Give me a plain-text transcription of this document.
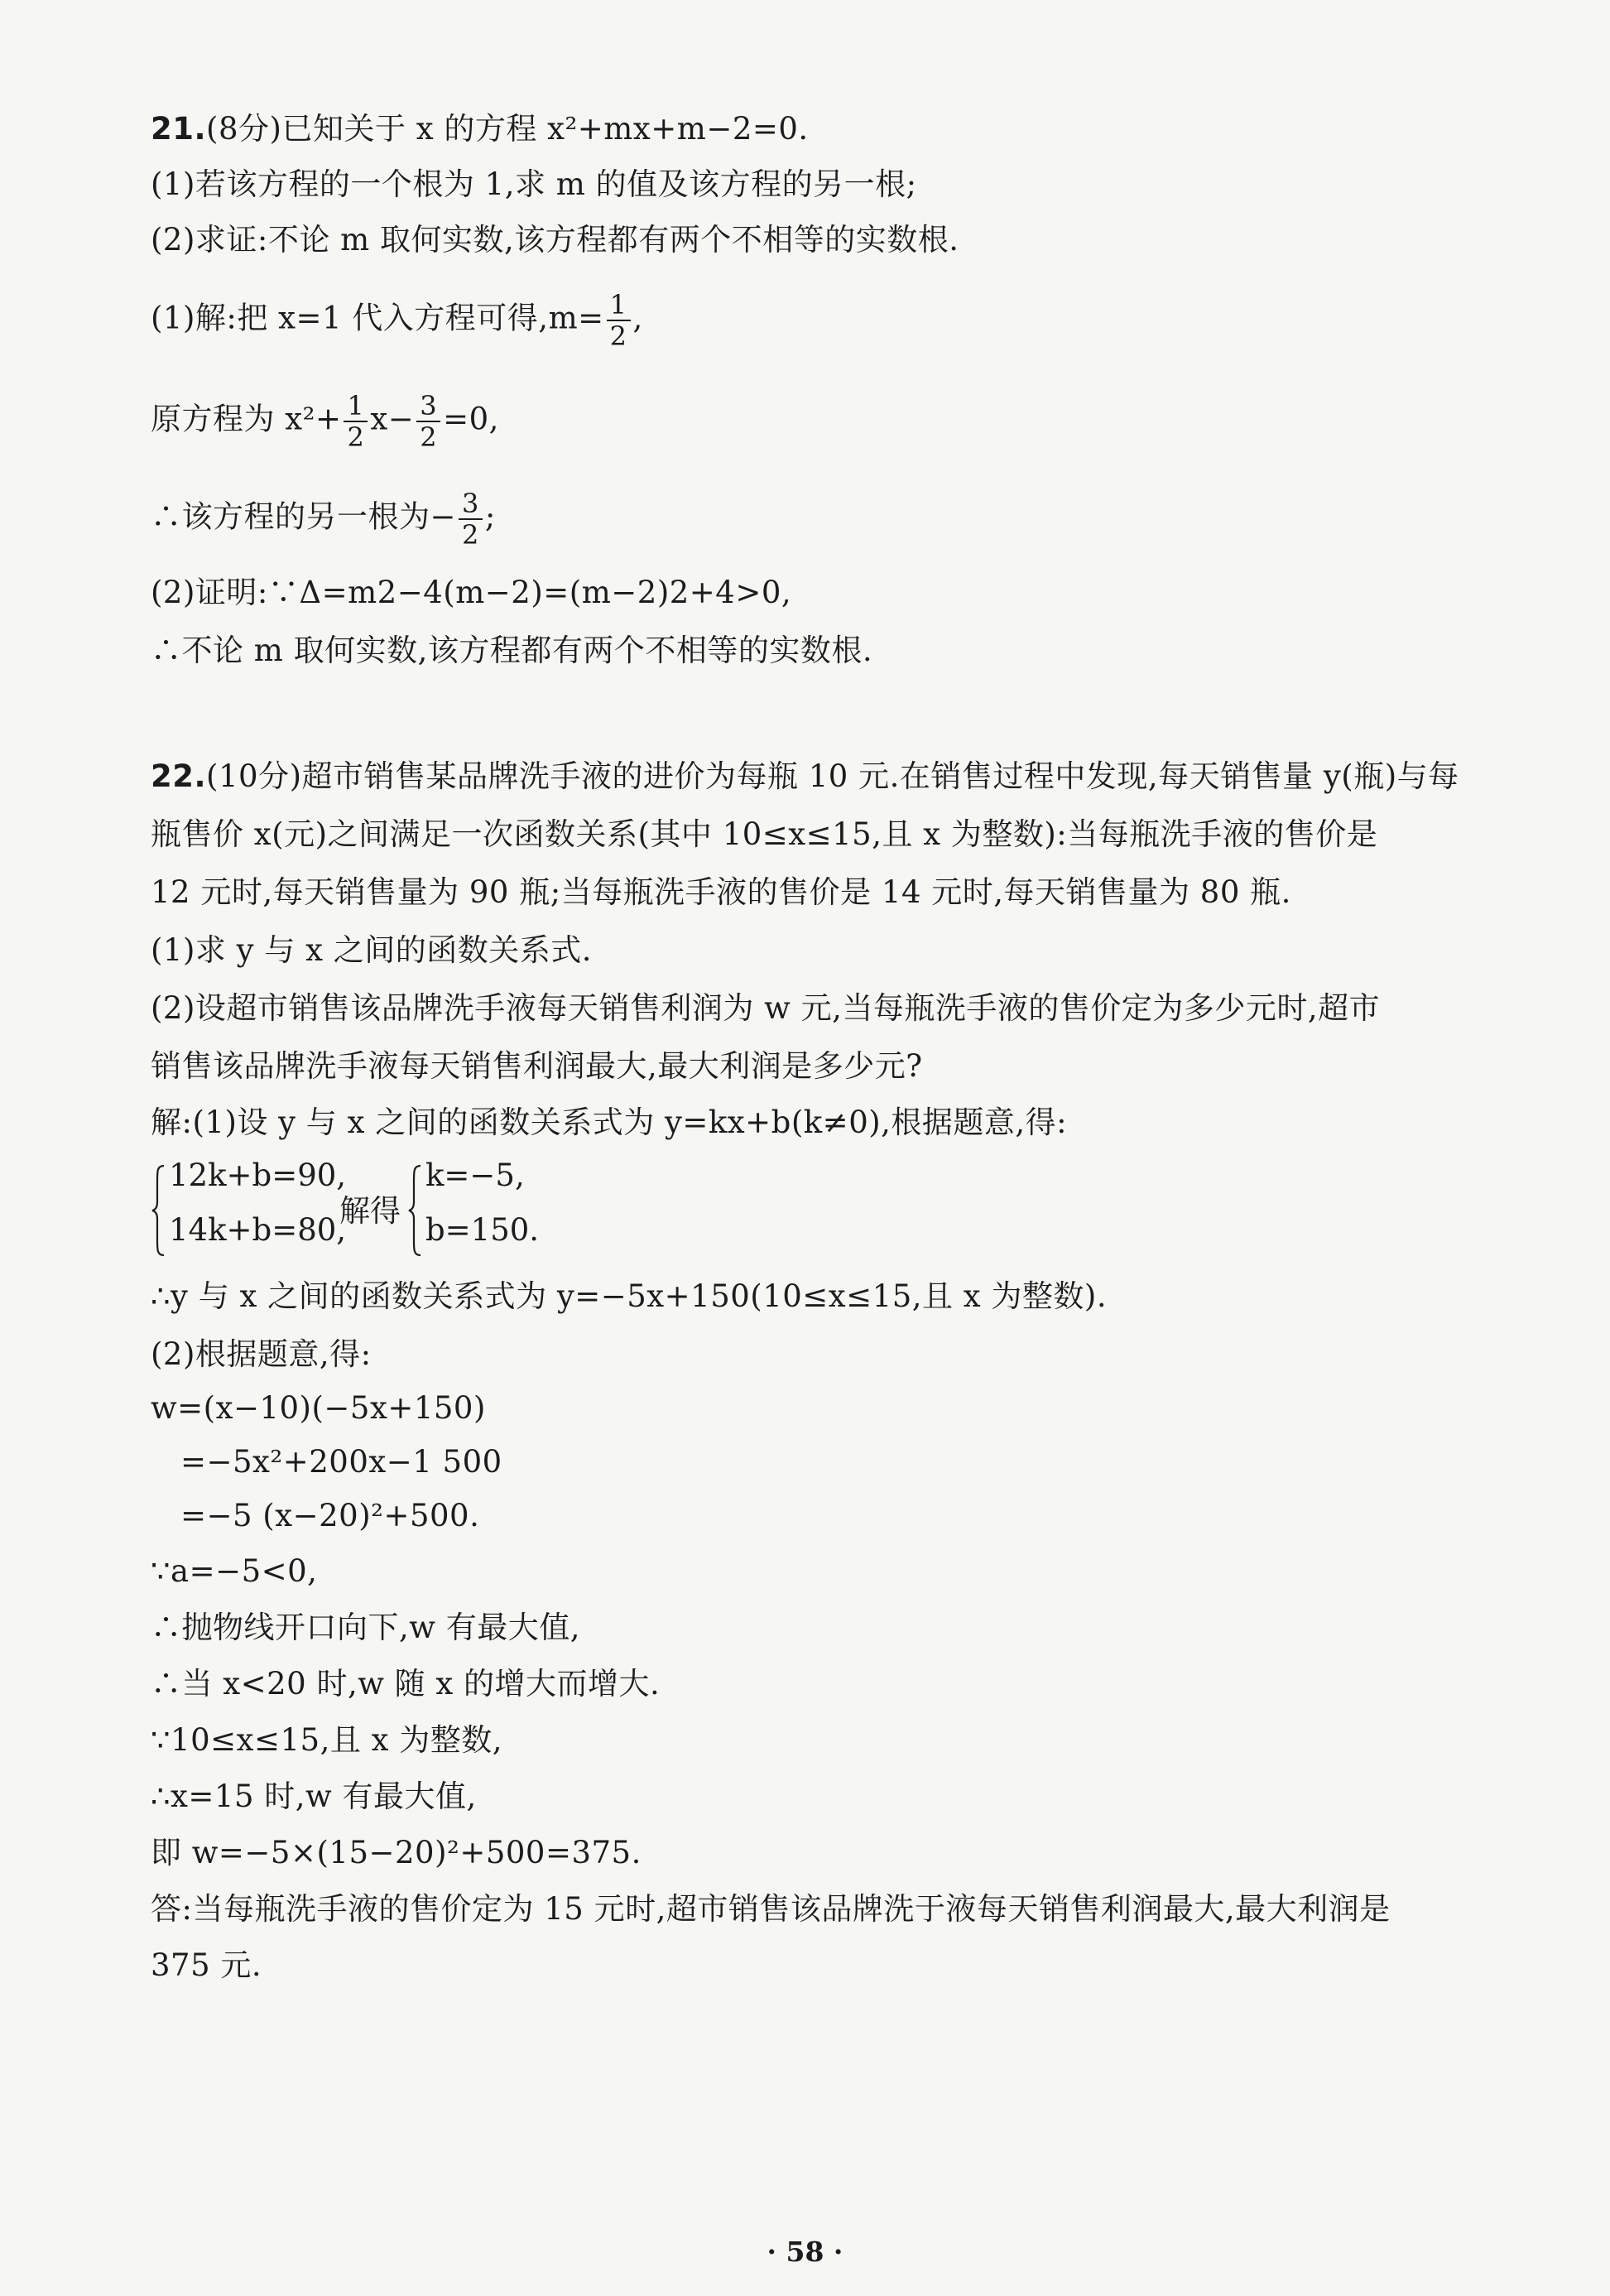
21.(8分)已知关于 x 的方程 x²+mx+m−2=0.
(1)若该方程的一个根为 1,求 m 的值及该方程的另一根;
(2)求证:不论 m 取何实数,该方程都有两个不相等的实数根.
(1)解:把 x=1 代入方程可得$,m= \frac{1}{2}$ ,
原方程为 $x^2+ \frac{1}{2} x- \frac{3}{2} =0$,
∴该方程的另一根为− $\frac{3}{2}$ ;
(2)证明:∵Δ=m2−4(m−2)=(m−2)2+4>0,
∴不论 m 取何实数,该方程都有两个不相等的实数根.
22.(10分)超市销售某品牌洗手液的进价为每瓶 10 元.在销售过程中发现,每天销售量 y(瓶)与每
瓶售价 x(元)之间满足一次函数关系(其中 10≤x≤15,且 x 为整数):当每瓶洗手液的售价是
12 元时,每天销售量为 90 瓶;当每瓶洗手液的售价是 14 元时,每天销售量为 80 瓶.
(1)求 y 与 x 之间的函数关系式.
(2)设超市销售该品牌洗手液每天销售利润为 w 元,当每瓶洗手液的售价定为多少元时,超市
销售该品牌洗手液每天销售利润最大,最大利润是多少元?
解:(1)设 y 与 x 之间的函数关系式为 y=kx+b(k≠0),根据题意,得:
12k+b=90,
14k+b=80,
解得
k=−5,
b=150.
∴y 与 x 之间的函数关系式为 y=−5x+150(10≤x≤15,且 x 为整数).
(2)根据题意,得:
w=(x−10)(−5x+150)
=−5x²+200x−1 500
=−5 (x−20)²+500.
∵a=−5<0,
∴抛物线开口向下,w 有最大值,
∴当 x<20 时,w 随 x 的增大而增大.
∵10≤x≤15,且 x 为整数,
∴x=15 时,w 有最大值,
即 w=−5×(15−20)²+500=375.
答:当每瓶洗手液的售价定为 15 元时,超市销售该品牌洗于液每天销售利润最大,最大利润是
375 元.
· 58 ·
